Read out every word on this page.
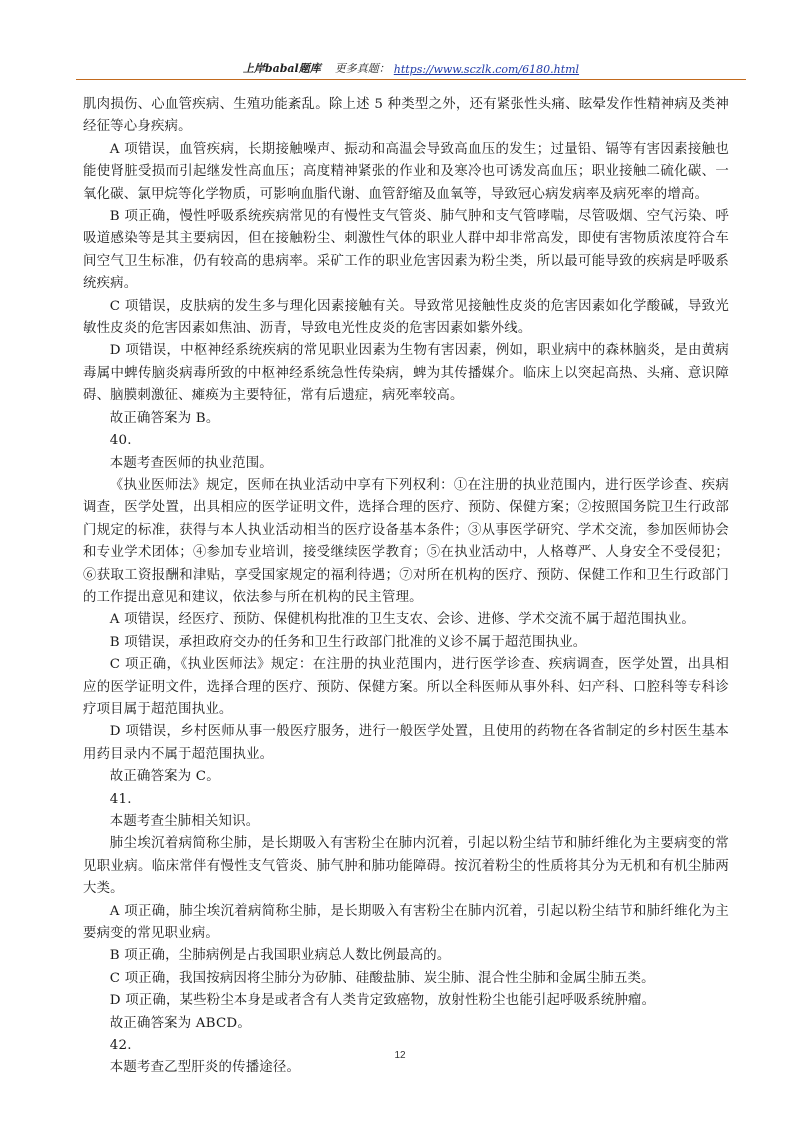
上岸babal题库 更多真题： https://www.sczlk.com/6180.html

肌肉损伤、心血管疾病、生殖功能紊乱。除上述 5 种类型之外，还有紧张性头痛、眩晕发作性精神病及类神经征等心身疾病。

A 项错误，血管疾病，长期接触噪声、振动和高温会导致高血压的发生；过量铅、镉等有害因素接触也能使肾脏受损而引起继发性高血压；高度精神紧张的作业和及寒冷也可诱发高血压；职业接触二硫化碳、一氧化碳、氯甲烷等化学物质，可影响血脂代谢、血管舒缩及血氧等，导致冠心病发病率及病死率的增高。

B 项正确，慢性呼吸系统疾病常见的有慢性支气管炎、肺气肿和支气管哮喘，尽管吸烟、空气污染、呼吸道感染等是其主要病因，但在接触粉尘、刺激性气体的职业人群中却非常高发，即使有害物质浓度符合车间空气卫生标准，仍有较高的患病率。采矿工作的职业危害因素为粉尘类，所以最可能导致的疾病是呼吸系统疾病。

C 项错误，皮肤病的发生多与理化因素接触有关。导致常见接触性皮炎的危害因素如化学酸碱，导致光敏性皮炎的危害因素如焦油、沥青，导致电光性皮炎的危害因素如紫外线。

D 项错误，中枢神经系统疾病的常见职业因素为生物有害因素，例如，职业病中的森林脑炎，是由黄病毒属中蜱传脑炎病毒所致的中枢神经系统急性传染病，蜱为其传播媒介。临床上以突起高热、头痛、意识障碍、脑膜刺激征、瘫痪为主要特征，常有后遗症，病死率较高。

故正确答案为 B。

40.

本题考查医师的执业范围。

《执业医师法》规定，医师在执业活动中享有下列权利：①在注册的执业范围内，进行医学诊查、疾病调查，医学处置，出具相应的医学证明文件，选择合理的医疗、预防、保健方案；②按照国务院卫生行政部门规定的标准，获得与本人执业活动相当的医疗设备基本条件；③从事医学研究、学术交流，参加医师协会和专业学术团体；④参加专业培训，接受继续医学教育；⑤在执业活动中，人格尊严、人身安全不受侵犯；⑥获取工资报酬和津贴，享受国家规定的福利待遇；⑦对所在机构的医疗、预防、保健工作和卫生行政部门的工作提出意见和建议，依法参与所在机构的民主管理。

A 项错误，经医疗、预防、保健机构批准的卫生支农、会诊、进修、学术交流不属于超范围执业。

B 项错误，承担政府交办的任务和卫生行政部门批准的义诊不属于超范围执业。

C 项正确，《执业医师法》规定：在注册的执业范围内，进行医学诊查、疾病调查，医学处置，出具相应的医学证明文件，选择合理的医疗、预防、保健方案。所以全科医师从事外科、妇产科、口腔科等专科诊疗项目属于超范围执业。

D 项错误，乡村医师从事一般医疗服务，进行一般医学处置，且使用的药物在各省制定的乡村医生基本用药目录内不属于超范围执业。

故正确答案为 C。

41.

本题考查尘肺相关知识。

肺尘埃沉着病简称尘肺，是长期吸入有害粉尘在肺内沉着，引起以粉尘结节和肺纤维化为主要病变的常见职业病。临床常伴有慢性支气管炎、肺气肿和肺功能障碍。按沉着粉尘的性质将其分为无机和有机尘肺两大类。

A 项正确，肺尘埃沉着病简称尘肺，是长期吸入有害粉尘在肺内沉着，引起以粉尘结节和肺纤维化为主要病变的常见职业病。

B 项正确，尘肺病例是占我国职业病总人数比例最高的。

C 项正确，我国按病因将尘肺分为矽肺、硅酸盐肺、炭尘肺、混合性尘肺和金属尘肺五类。

D 项正确，某些粉尘本身是或者含有人类肯定致癌物，放射性粉尘也能引起呼吸系统肿瘤。

故正确答案为 ABCD。

42.

本题考查乙型肝炎的传播途径。

12
